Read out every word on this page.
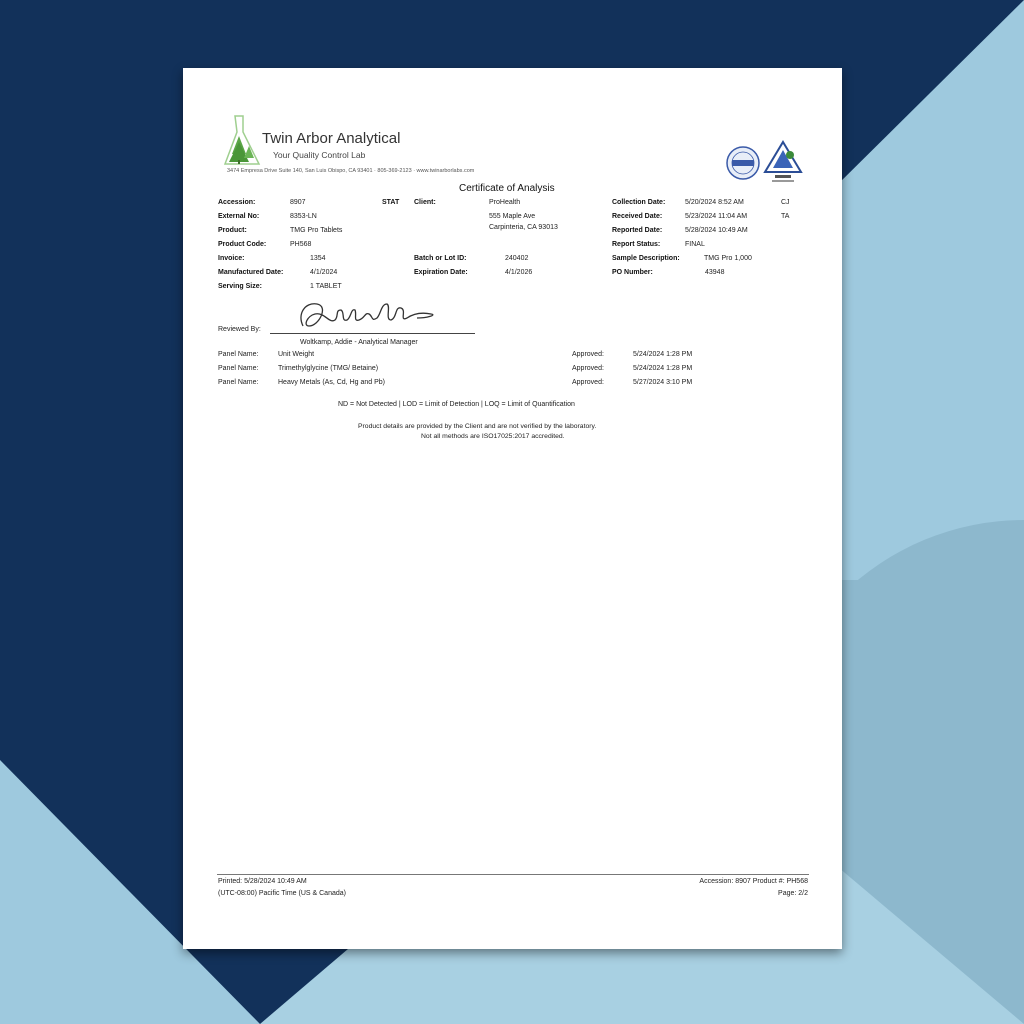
Twin Arbor Analytical
Your Quality Control Lab
3474 Empresa Drive Suite 140, San Luis Obispo, CA 93401 · 805-369-2123 · www.twinarborlabs.com
Certificate of Analysis
Accession:	8907	STAT
External No:	8353-LN
Product:	TMG Pro Tablets
Product Code:	PH568
Invoice:	1354
Manufactured Date:	4/1/2024
Serving Size:	1 TABLET
Client:	ProHealth
555 Maple Ave
Carpinteria, CA 93013
Batch or Lot ID:	240402
Expiration Date:	4/1/2026
Collection Date:	5/20/2024 8:52 AM	CJ
Received Date:	5/23/2024 11:04 AM	TA
Reported Date:	5/28/2024 10:49 AM
Report Status:	FINAL
Sample Description:	TMG Pro 1,000
PO Number:	43948
Reviewed By:
Woltkamp, Addie - Analytical Manager
Panel Name:	Unit Weight	Approved:	5/24/2024 1:28 PM
Panel Name:	Trimethylglycine (TMG/ Betaine)	Approved:	5/24/2024 1:28 PM
Panel Name:	Heavy Metals (As, Cd, Hg and Pb)	Approved:	5/27/2024 3:10 PM
ND = Not Detected | LOD = Limit of Detection | LOQ = Limit of Quantification
Product details are provided by the Client and are not verified by the laboratory.
Not all methods are ISO17025:2017 accredited.
Printed: 5/28/2024 10:49 AM
(UTC-08:00) Pacific Time (US & Canada)
Accession: 8907 Product #: PH568
Page: 2/2
